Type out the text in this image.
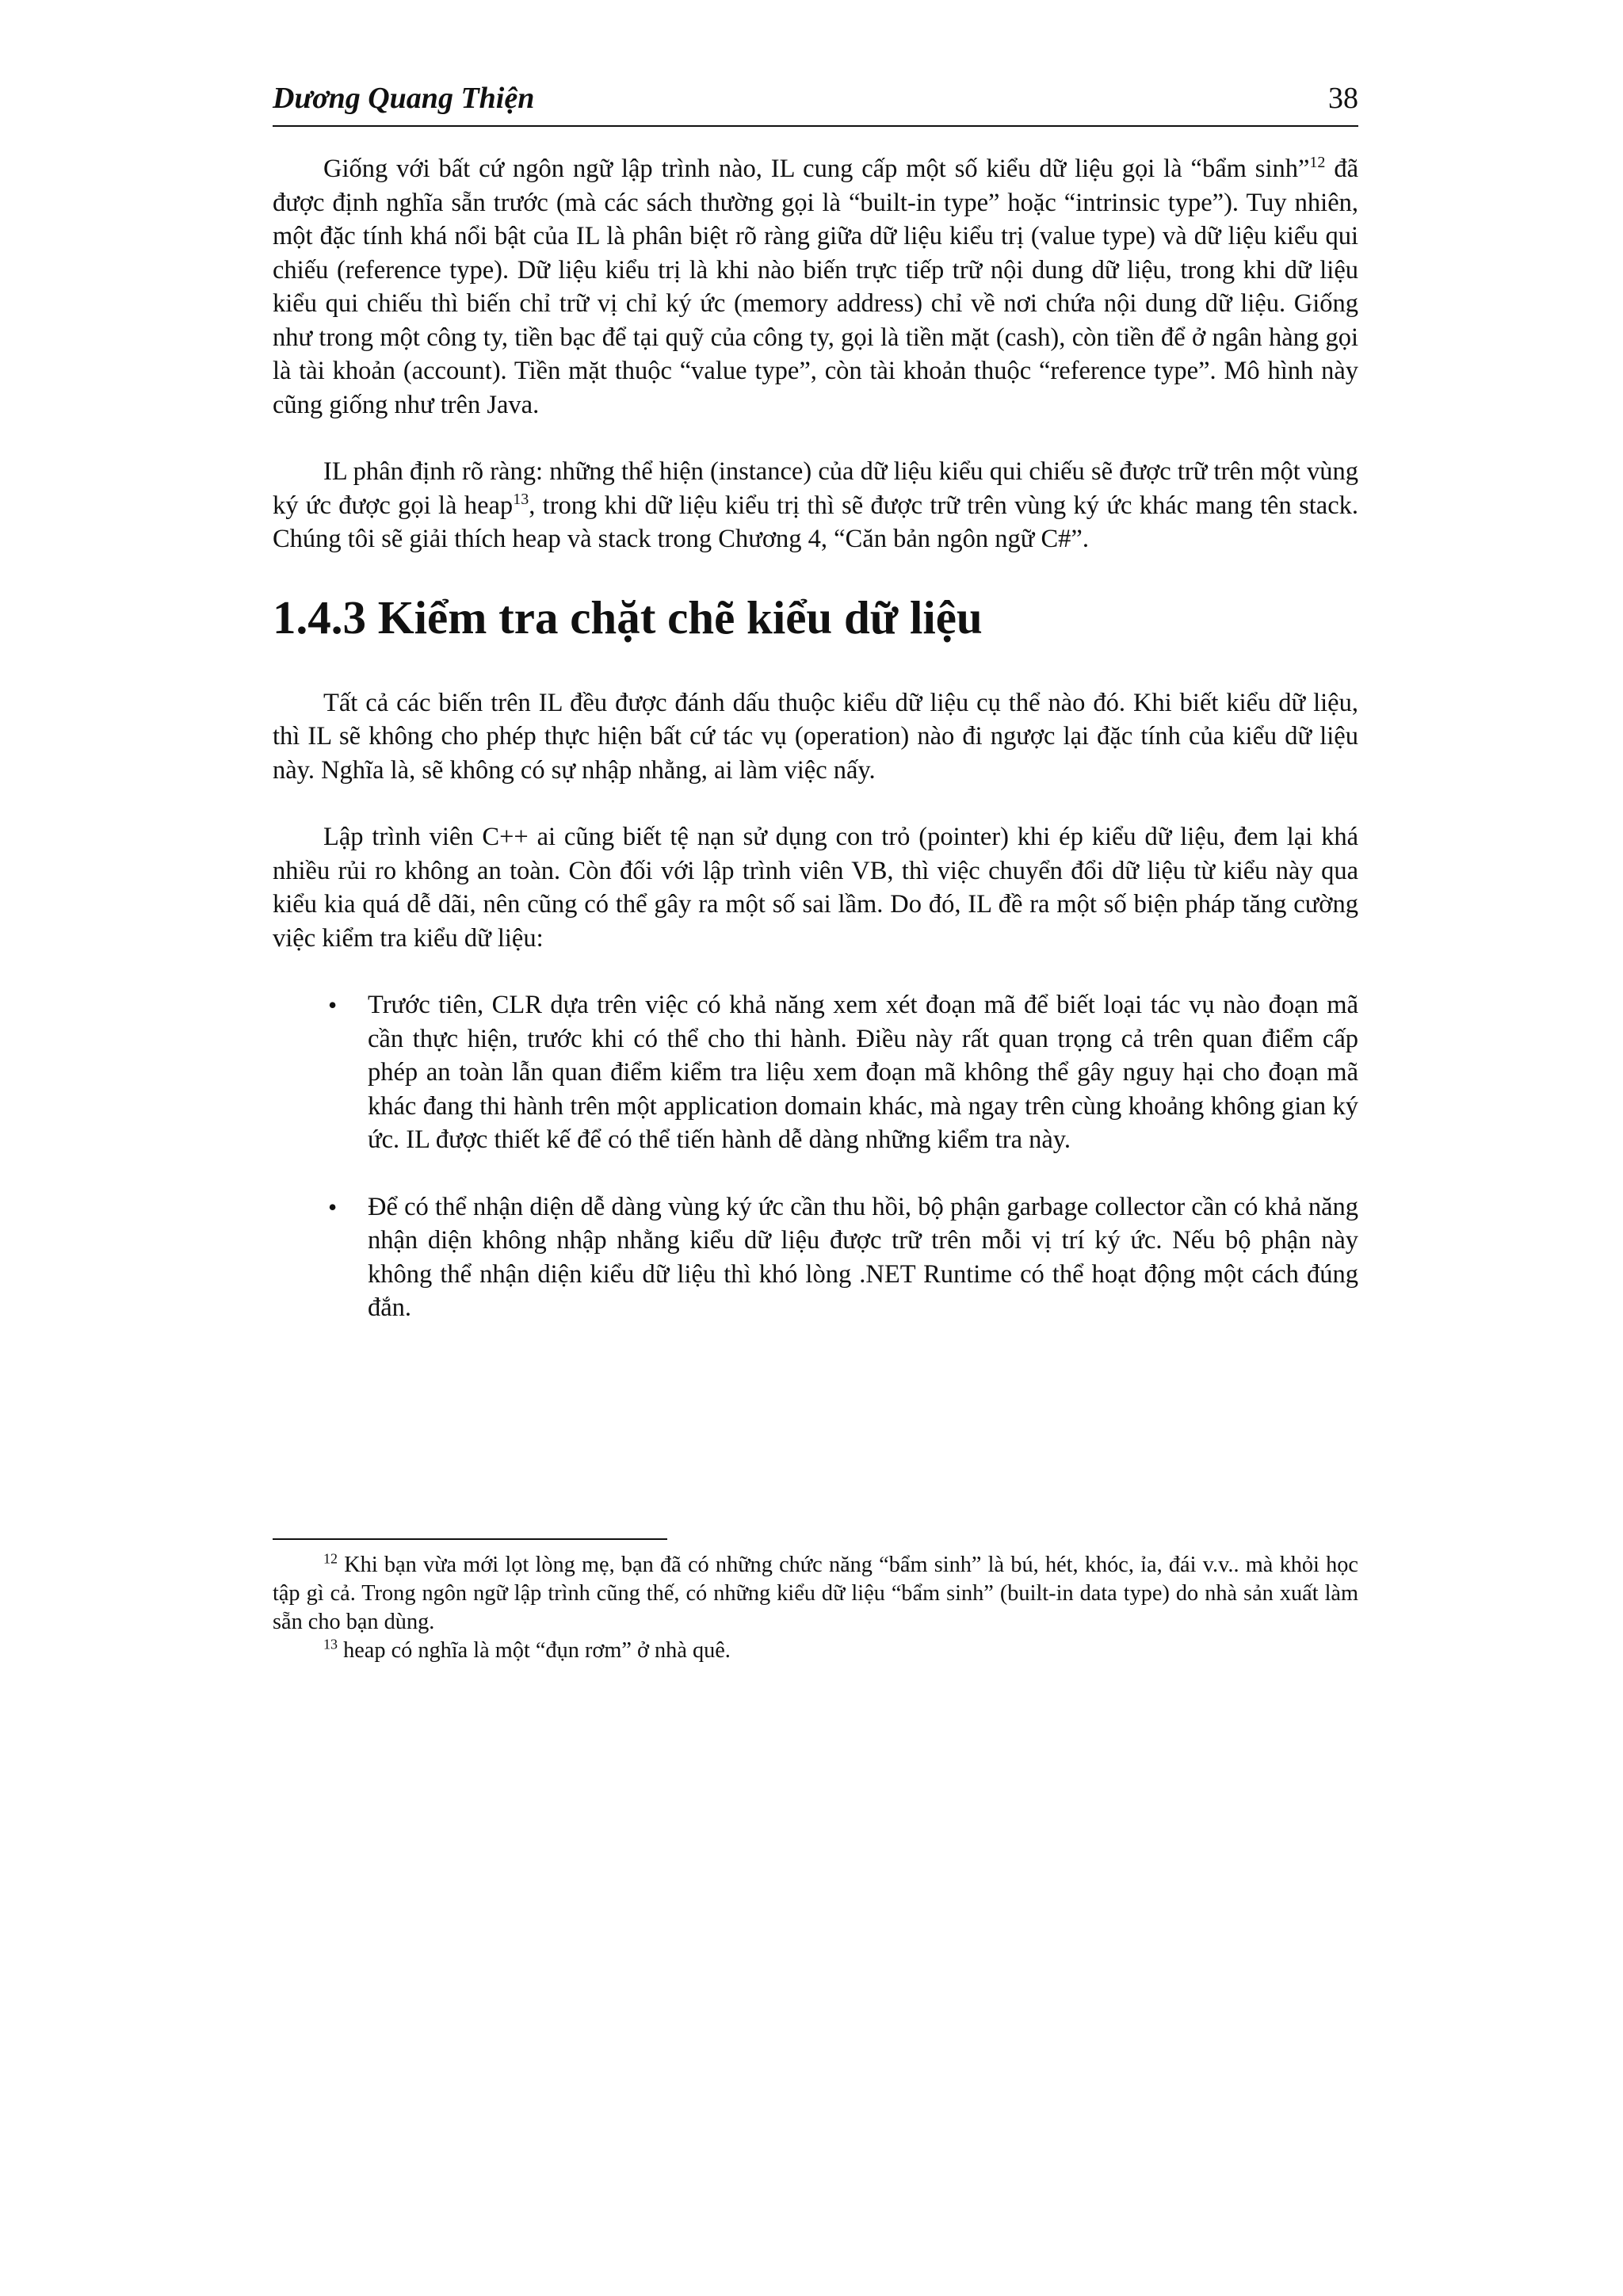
Dương Quang Thiện	38

Giống với bất cứ ngôn ngữ lập trình nào, IL cung cấp một số kiểu dữ liệu gọi là “bẩm sinh”$^{12}$ đã được định nghĩa sẵn trước (mà các sách thường gọi là “built-in type” hoặc “intrinsic type”). Tuy nhiên, một đặc tính khá nổi bật của IL là phân biệt rõ ràng giữa dữ liệu kiểu trị (value type) và dữ liệu kiểu qui chiếu (reference type). Dữ liệu kiểu trị là khi nào biến trực tiếp trữ nội dung dữ liệu, trong khi dữ liệu kiểu qui chiếu thì biến chỉ trữ vị chỉ ký ức (memory address) chỉ về nơi chứa nội dung dữ liệu. Giống như trong một công ty, tiền bạc để tại quỹ của công ty, gọi là tiền mặt (cash), còn tiền để ở ngân hàng gọi là tài khoản (account). Tiền mặt thuộc “value type”, còn tài khoản thuộc “reference type”. Mô hình này cũng giống như trên Java.

IL phân định rõ ràng: những thể hiện (instance) của dữ liệu kiểu qui chiếu sẽ được trữ trên một vùng ký ức được gọi là heap$^{13}$, trong khi dữ liệu kiểu trị thì sẽ được trữ trên vùng ký ức khác mang tên stack. Chúng tôi sẽ giải thích heap và stack trong Chương 4, “Căn bản ngôn ngữ C#”.

1.4.3 Kiểm tra chặt chẽ kiểu dữ liệu

Tất cả các biến trên IL đều được đánh dấu thuộc kiểu dữ liệu cụ thể nào đó. Khi biết kiểu dữ liệu, thì IL sẽ không cho phép thực hiện bất cứ tác vụ (operation) nào đi ngược lại đặc tính của kiểu dữ liệu này. Nghĩa là, sẽ không có sự nhập nhằng, ai làm việc nấy.

Lập trình viên C++ ai cũng biết tệ nạn sử dụng con trỏ (pointer) khi ép kiểu dữ liệu, đem lại khá nhiều rủi ro không an toàn. Còn đối với lập trình viên VB, thì việc chuyển đổi dữ liệu từ kiểu này qua kiểu kia quá dễ dãi, nên cũng có thể gây ra một số sai lầm. Do đó, IL đề ra một số biện pháp tăng cường việc kiểm tra kiểu dữ liệu:

• Trước tiên, CLR dựa trên việc có khả năng xem xét đoạn mã để biết loại tác vụ nào đoạn mã cần thực hiện, trước khi có thể cho thi hành. Điều này rất quan trọng cả trên quan điểm cấp phép an toàn lẫn quan điểm kiểm tra liệu xem đoạn mã không thể gây nguy hại cho đoạn mã khác đang thi hành trên một application domain khác, mà ngay trên cùng khoảng không gian ký ức. IL được thiết kế để có thể tiến hành dễ dàng những kiểm tra này.
• Để có thể nhận diện dễ dàng vùng ký ức cần thu hồi, bộ phận garbage collector cần có khả năng nhận diện không nhập nhằng kiểu dữ liệu được trữ trên mỗi vị trí ký ức. Nếu bộ phận này không thể nhận diện kiểu dữ liệu thì khó lòng .NET Runtime có thể hoạt động một cách đúng đắn.

$^{12}$ Khi bạn vừa mới lọt lòng mẹ, bạn đã có những chức năng “bẩm sinh” là bú, hét, khóc, ỉa, đái v.v.. mà khỏi học tập gì cả. Trong ngôn ngữ lập trình cũng thế, có những kiểu dữ liệu “bẩm sinh” (built-in data type) do nhà sản xuất làm sẵn cho bạn dùng.

$^{13}$ heap có nghĩa là một “đụn rơm” ở nhà quê.
